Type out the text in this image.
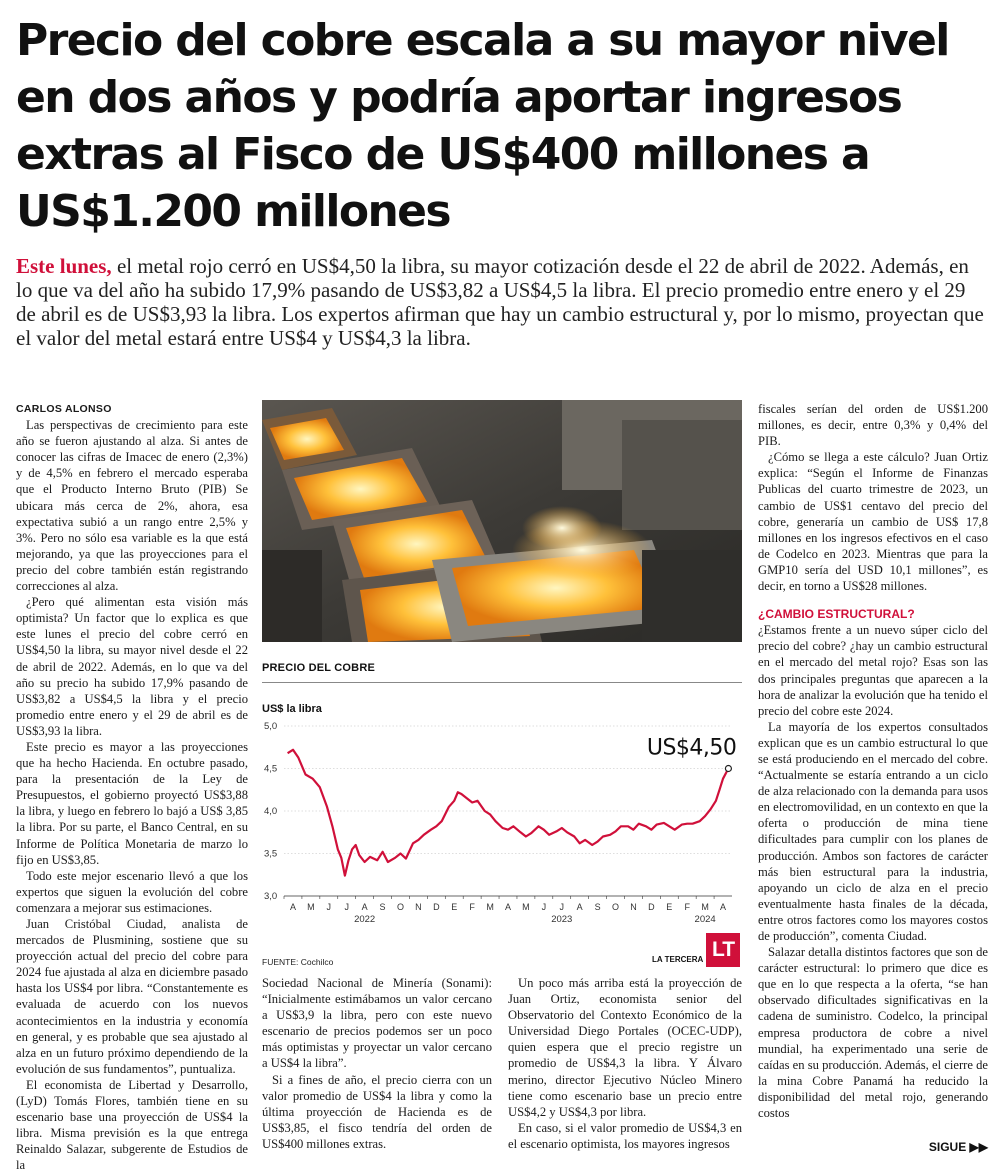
Precio del cobre escala a su mayor nivel en dos años y podría aportar ingresos extras al Fisco de US$400 millones a US$1.200 millones

Este lunes, el metal rojo cerró en US$4,50 la libra, su mayor cotización desde el 22 de abril de 2022. Además, en lo que va del año ha subido 17,9% pasando de US$3,82 a US$4,5 la libra. El precio promedio entre enero y el 29 de abril es de US$3,93 la libra. Los expertos afirman que hay un cambio estructural y, por lo mismo, proyectan que el valor del metal estará entre US$4 y US$4,3 la libra.

CARLOS ALONSO

Las perspectivas de crecimiento para este año se fueron ajustando al alza. Si antes de conocer las cifras de Imacec de enero (2,3%) y de 4,5% en febrero el mercado esperaba que el Producto Interno Bruto (PIB) Se ubicara más cerca de 2%, ahora, esa expectativa subió a un rango entre 2,5% y 3%. Pero no sólo esa variable es la que está mejorando, ya que las proyecciones para el precio del cobre también están registrando correcciones al alza.

¿Pero qué alimentan esta visión más optimista? Un factor que lo explica es que este lunes el precio del cobre cerró en US$4,50 la libra, su mayor nivel desde el 22 de abril de 2022. Además, en lo que va del año su precio ha subido 17,9% pasando de US$3,82 a US$4,5 la libra y el precio promedio entre enero y el 29 de abril es de US$3,93 la libra.

Este precio es mayor a las proyecciones que ha hecho Hacienda. En octubre pasado, para la presentación de la Ley de Presupuestos, el gobierno proyectó US$3,88 la libra, y luego en febrero lo bajó a US$ 3,85 la libra. Por su parte, el Banco Central, en su Informe de Política Monetaria de marzo lo fijo en US$3,85.

Todo este mejor escenario llevó a que los expertos que siguen la evolución del cobre comenzara a mejorar sus estimaciones.

Juan Cristóbal Ciudad, analista de mercados de Plusmining, sostiene que su proyección actual del precio del cobre para 2024 fue ajustada al alza en diciembre pasado hasta los US$4 por libra. “Constantemente es evaluada de acuerdo con los nuevos acontecimientos en la industria y economía en general, y es probable que sea ajustado al alza en un futuro próximo dependiendo de la evolución de sus fundamentos”, puntualiza.

El economista de Libertad y Desarrollo, (LyD) Tomás Flores, también tiene en su escenario base una proyección de US$4 la libra. Misma previsión es la que entrega Reinaldo Salazar, subgerente de Estudios de la

PRECIO DEL COBRE
US$ la libra
3,0
3,5
4,0
4,5
5,0
A M J J A S O N D E F M A M J J A S O N D E F M A
2022	2023	2024
US$4,50
FUENTE: Cochilco	LA TERCERA LT

Sociedad Nacional de Minería (Sonami): “Inicialmente estimábamos un valor cercano a US$3,9 la libra, pero con este nuevo escenario de precios podemos ser un poco más optimistas y proyectar un valor cercano a US$4 la libra”.

Si a fines de año, el precio cierra con un valor promedio de US$4 la libra y como la última proyección de Hacienda es de US$3,85, el fisco tendría del orden de US$400 millones extras.

Un poco más arriba está la proyección de Juan Ortiz, economista senior del Observatorio del Contexto Económico de la Universidad Diego Portales (OCEC-UDP), quien espera que el precio registre un promedio de US$4,3 la libra. Y Álvaro merino, director Ejecutivo Núcleo Minero tiene como escenario base un precio entre US$4,2 y US$4,3 por libra.

En caso, si el valor promedio de US$4,3 en el escenario optimista, los mayores ingresos

fiscales serían del orden de US$1.200 millones, es decir, entre 0,3% y 0,4% del PIB.

¿Cómo se llega a este cálculo? Juan Ortiz explica: “Según el Informe de Finanzas Publicas del cuarto trimestre de 2023, un cambio de US$1 centavo del precio del cobre, generaría un cambio de US$ 17,8 millones en los ingresos efectivos en el caso de Codelco en 2023. Mientras que para la GMP10 sería del USD 10,1 millones”, es decir, en torno a US$28 millones.

¿CAMBIO ESTRUCTURAL?

¿Estamos frente a un nuevo súper ciclo del precio del cobre? ¿hay un cambio estructural en el mercado del metal rojo? Esas son las dos principales preguntas que aparecen a la hora de analizar la evolución que ha tenido el precio del cobre este 2024.

La mayoría de los expertos consultados explican que es un cambio estructural lo que se está produciendo en el mercado del cobre. “Actualmente se estaría entrando a un ciclo de alza relacionado con la demanda para usos en electromovilidad, en un contexto en que la oferta o producción de mina tiene dificultades para cumplir con los planes de producción. Ambos son factores de carácter más bien estructural para la industria, apoyando un ciclo de alza en el precio eventualmente hasta finales de la década, entre otros factores como los mayores costos de producción”, comenta Ciudad.

Salazar detalla distintos factores que son de carácter estructural: lo primero que dice es que en lo que respecta a la oferta, “se han observado dificultades significativas en la cadena de suministro. Codelco, la principal empresa productora de cobre a nivel mundial, ha experimentado una serie de caídas en su producción. Además, el cierre de la mina Cobre Panamá ha reducido la disponibilidad del metal rojo, generando costos

SIGUE ▶▶
